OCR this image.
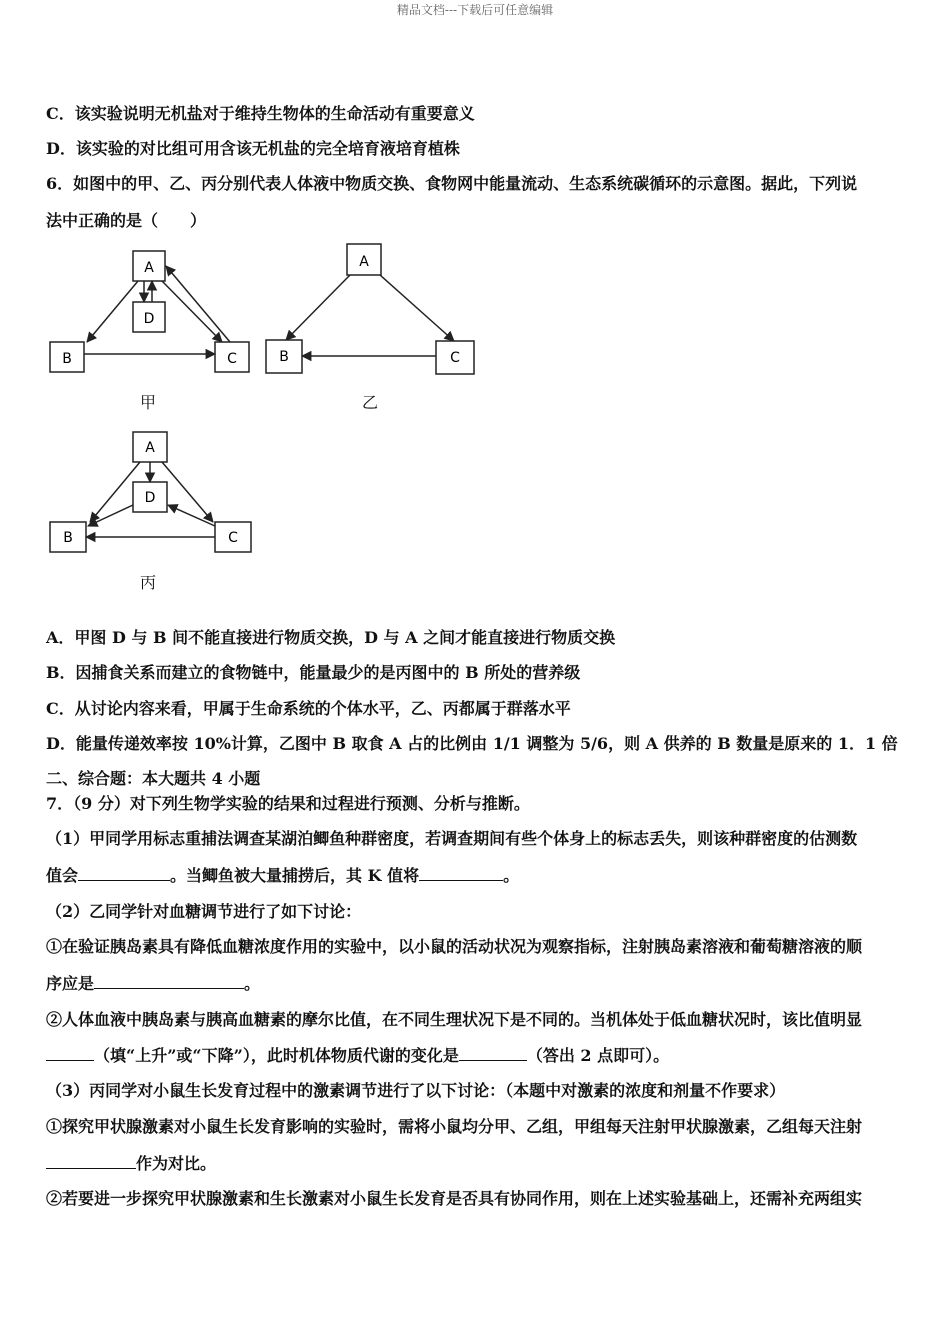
精品文档---下载后可任意编辑
C．该实验说明无机盐对于维持生物体的生命活动有重要意义
D．该实验的对比组可用含该无机盐的完全培育液培育植株
6．如图中的甲、乙、丙分别代表人体液中物质交换、食物网中能量流动、生态系统碳循环的示意图。据此，下列说
法中正确的是（　　）
A
D
B	C
A
B	C
A
D
B	C
甲	乙
丙
A．甲图 D 与 B 间不能直接进行物质交换，D 与 A 之间才能直接进行物质交换
B．因捕食关系而建立的食物链中，能量最少的是丙图中的 B 所处的营养级
C．从讨论内容来看，甲属于生命系统的个体水平，乙、丙都属于群落水平
D．能量传递效率按 10%计算，乙图中 B 取食 A 占的比例由 1/1 调整为 5/6，则 A 供养的 B 数量是原来的 1．1 倍
二、综合题：本大题共 4 小题
7．（9 分）对下列生物学实验的结果和过程进行预测、分析与推断。
（1）甲同学用标志重捕法调查某湖泊鲫鱼种群密度，若调查期间有些个体身上的标志丢失，则该种群密度的估测数
值会	。当鲫鱼被大量捕捞后，其 K 值将	。
（2）乙同学针对血糖调节进行了如下讨论：
①在验证胰岛素具有降低血糖浓度作用的实验中，以小鼠的活动状况为观察指标，注射胰岛素溶液和葡萄糖溶液的顺
序应是	。
②人体血液中胰岛素与胰高血糖素的摩尔比值，在不同生理状况下是不同的。当机体处于低血糖状况时，该比值明显
（填“上升”或“下降”），此时机体物质代谢的变化是	（答出 2 点即可）。
（3）丙同学对小鼠生长发育过程中的激素调节进行了以下讨论：（本题中对激素的浓度和剂量不作要求）
①探究甲状腺激素对小鼠生长发育影响的实验时，需将小鼠均分甲、乙组，甲组每天注射甲状腺激素，乙组每天注射
作为对比。
②若要进一步探究甲状腺激素和生长激素对小鼠生长发育是否具有协同作用，则在上述实验基础上，还需补充两组实
